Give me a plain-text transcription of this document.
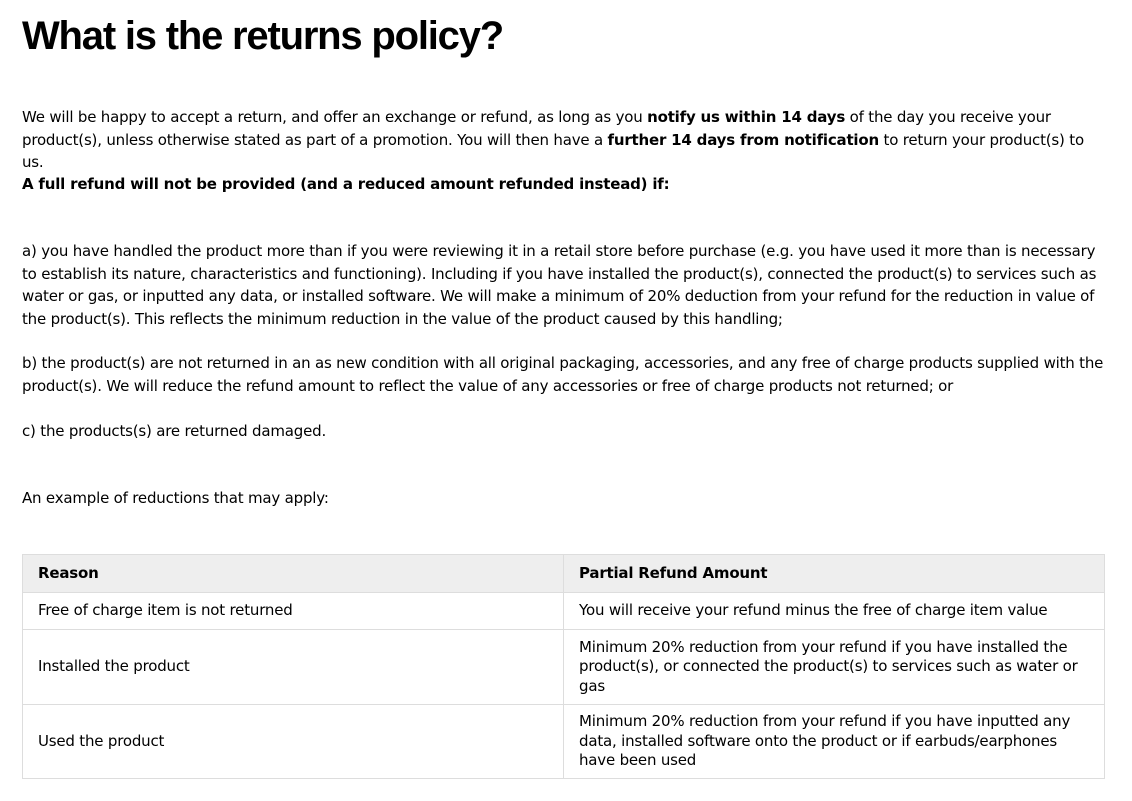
What is the returns policy?

We will be happy to accept a return, and offer an exchange or refund, as long as you notify us within 14 days of the day you receive your product(s), unless otherwise stated as part of a promotion. You will then have a further 14 days from notification to return your product(s) to us.

A full refund will not be provided (and a reduced amount refunded instead) if:

a) you have handled the product more than if you were reviewing it in a retail store before purchase (e.g. you have used it more than is necessary to establish its nature, characteristics and functioning). Including if you have installed the product(s), connected the product(s) to services such as water or gas, or inputted any data, or installed software. We will make a minimum of 20% deduction from your refund for the reduction in value of the product(s). This reflects the minimum reduction in the value of the product caused by this handling;

b) the product(s) are not returned in an as new condition with all original packaging, accessories, and any free of charge products supplied with the product(s). We will reduce the refund amount to reflect the value of any accessories or free of charge products not returned; or

c) the products(s) are returned damaged.

An example of reductions that may apply:

Reason	Partial Refund Amount
Free of charge item is not returned	You will receive your refund minus the free of charge item value
Installed the product	Minimum 20% reduction from your refund if you have installed the product(s), or connected the product(s) to services such as water or gas
Used the product	Minimum 20% reduction from your refund if you have inputted any data, installed software onto the product or if earbuds/earphones have been used
